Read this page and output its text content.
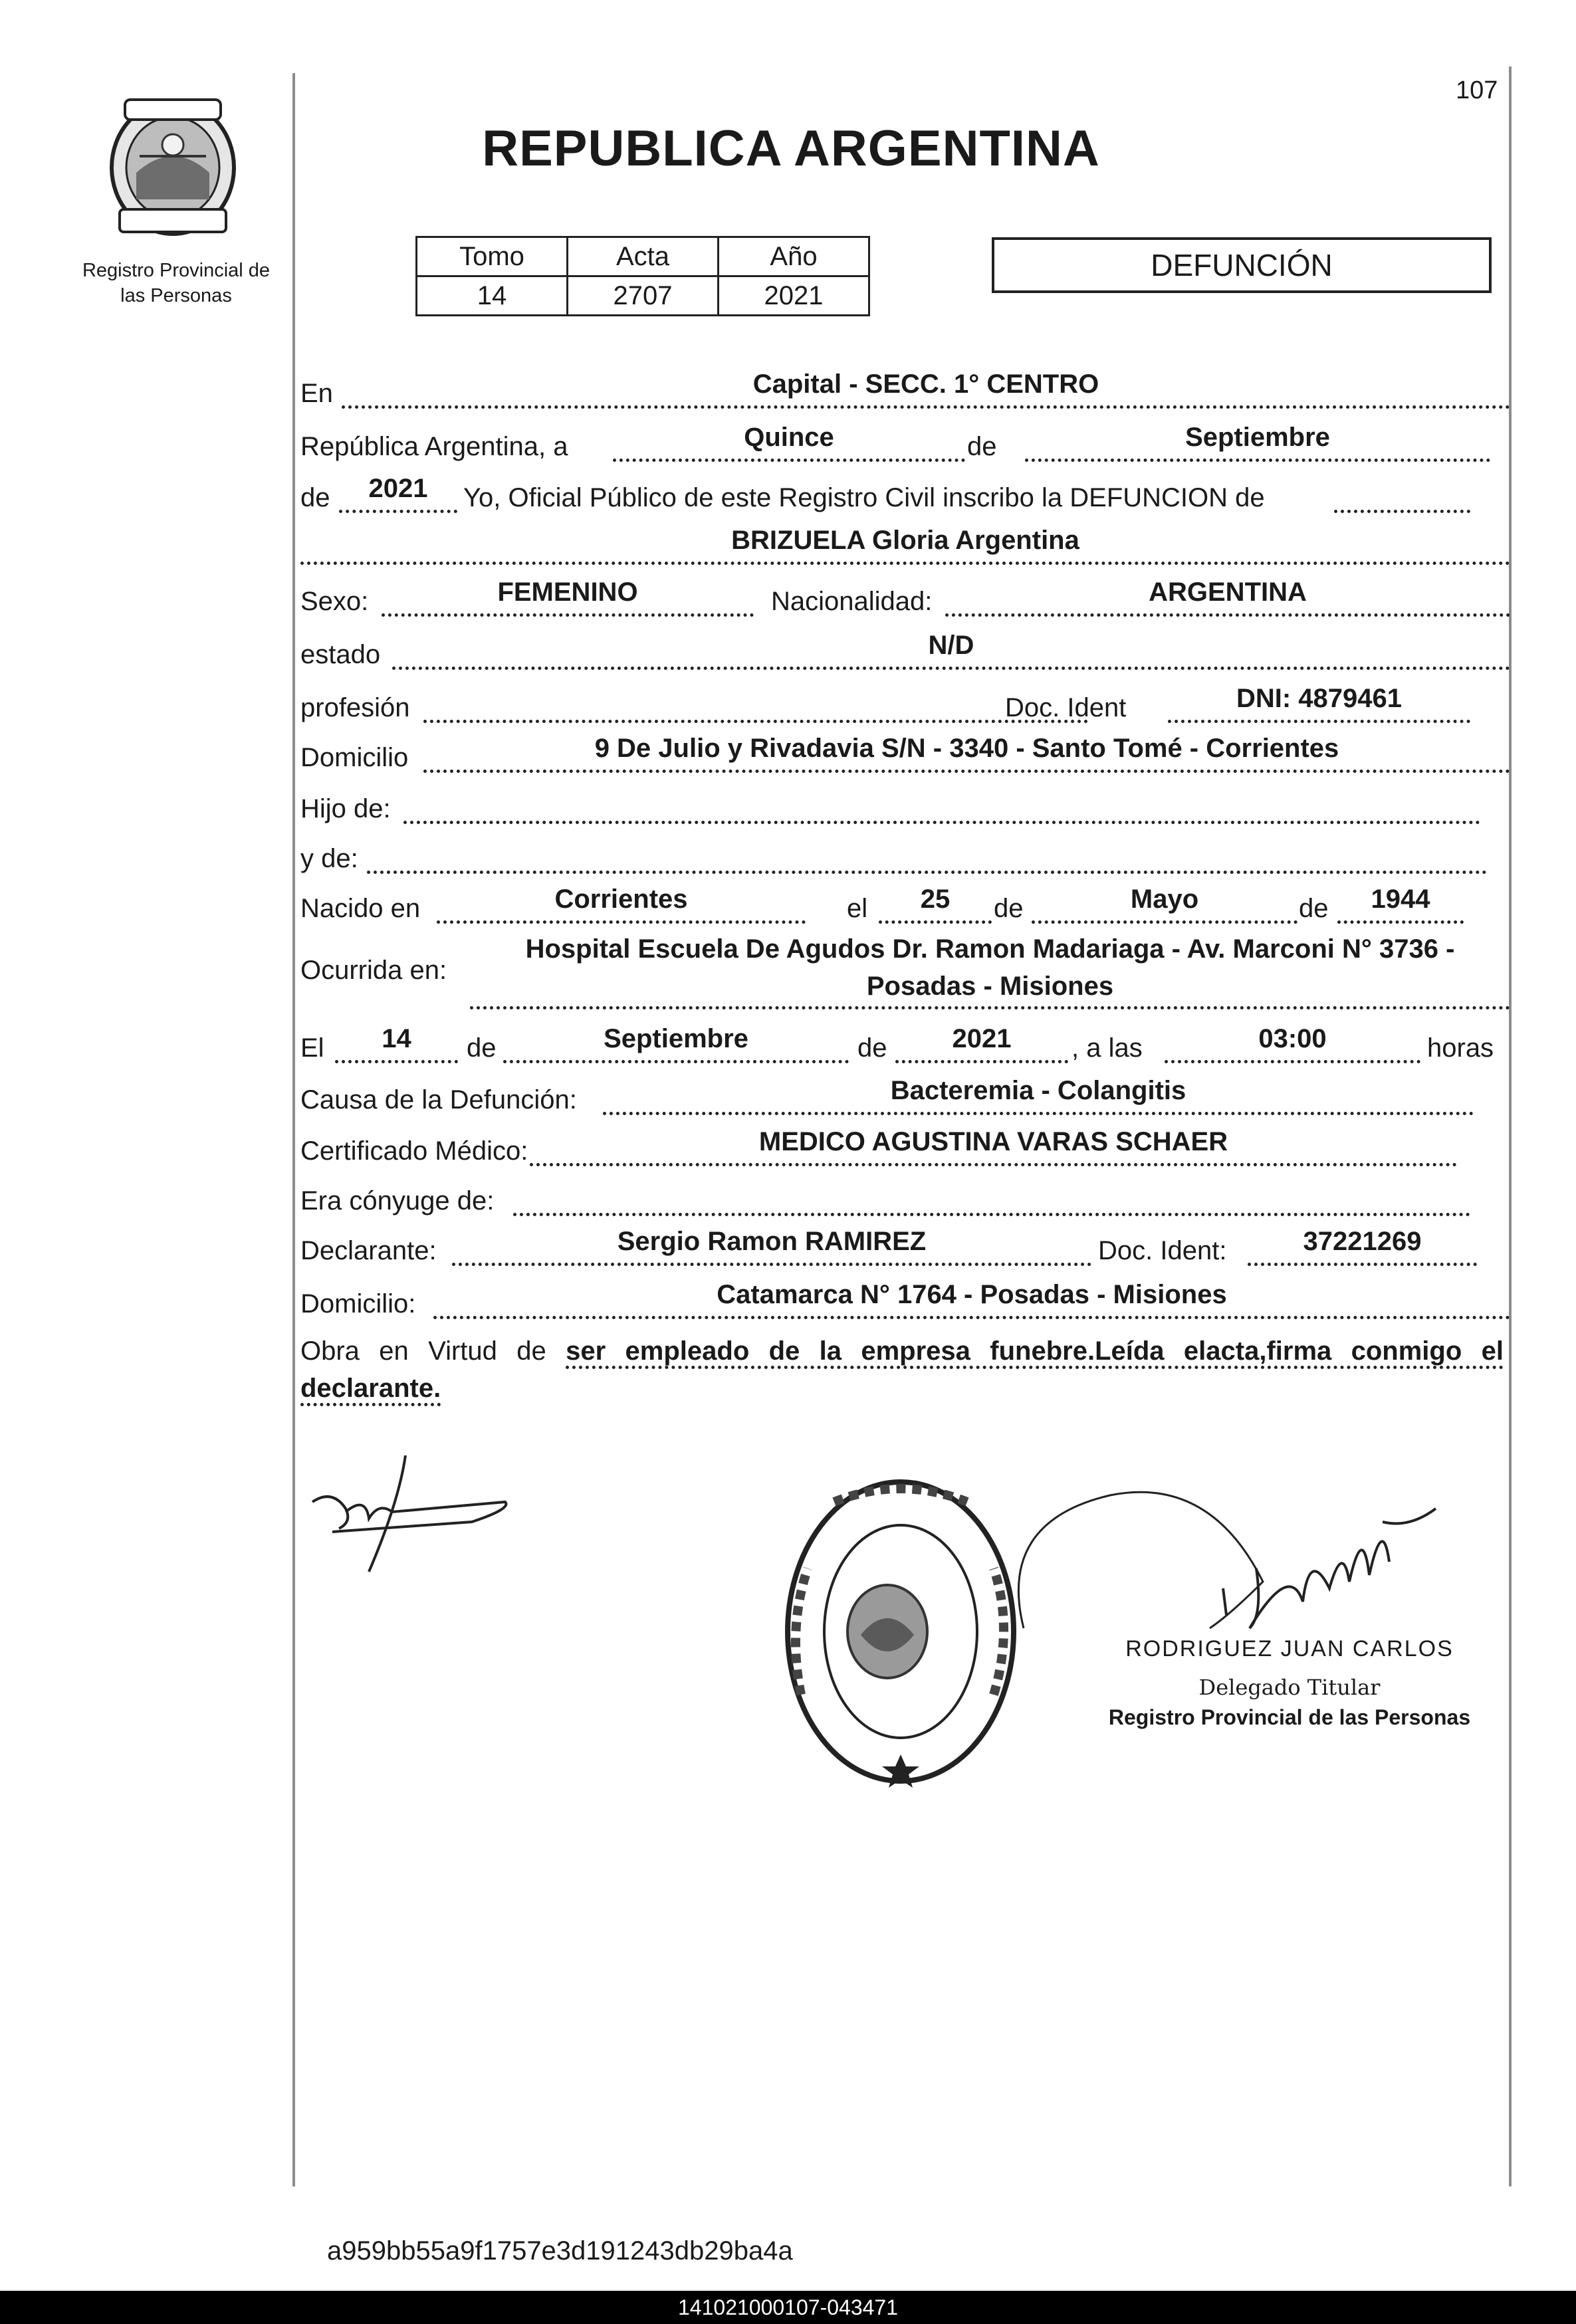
107
Registro Provincial de
las Personas
REPUBLICA ARGENTINA
Tomo	Acta	Año
14	2707	2021
DEFUNCIÓN
En	Capital - SECC. 1° CENTRO
República Argentina, a	Quince	de	Septiembre
de	2021	Yo, Oficial Público de este Registro Civil inscribo la DEFUNCION de
BRIZUELA Gloria Argentina
Sexo:	FEMENINO	Nacionalidad:	ARGENTINA
estado	N/D
profesión	Doc. Ident	DNI: 4879461
Domicilio	9 De Julio y Rivadavia S/N - 3340 - Santo Tomé - Corrientes
Hijo de:
y de:
Nacido en	Corrientes	el	25	de	Mayo	de	1944
Ocurrida en:
Hospital Escuela De Agudos Dr. Ramon Madariaga - Av. Marconi N° 3736 -
Posadas - Misiones
El	14	de	Septiembre	de	2021	, a las	03:00	horas
Causa de la Defunción:	Bacteremia - Colangitis
Certificado Médico:	MEDICO AGUSTINA VARAS SCHAER
Era cónyuge de:
Declarante:	Sergio Ramon RAMIREZ	Doc. Ident:	37221269
Domicilio:	Catamarca N° 1764 - Posadas - Misiones
Obra en Virtud de ser empleado de la empresa funebre.Leída elacta,firma conmigo el declarante.
RODRIGUEZ JUAN CARLOS
Delegado Titular
Registro Provincial de las Personas
a959bb55a9f1757e3d191243db29ba4a
141021000107-043471
